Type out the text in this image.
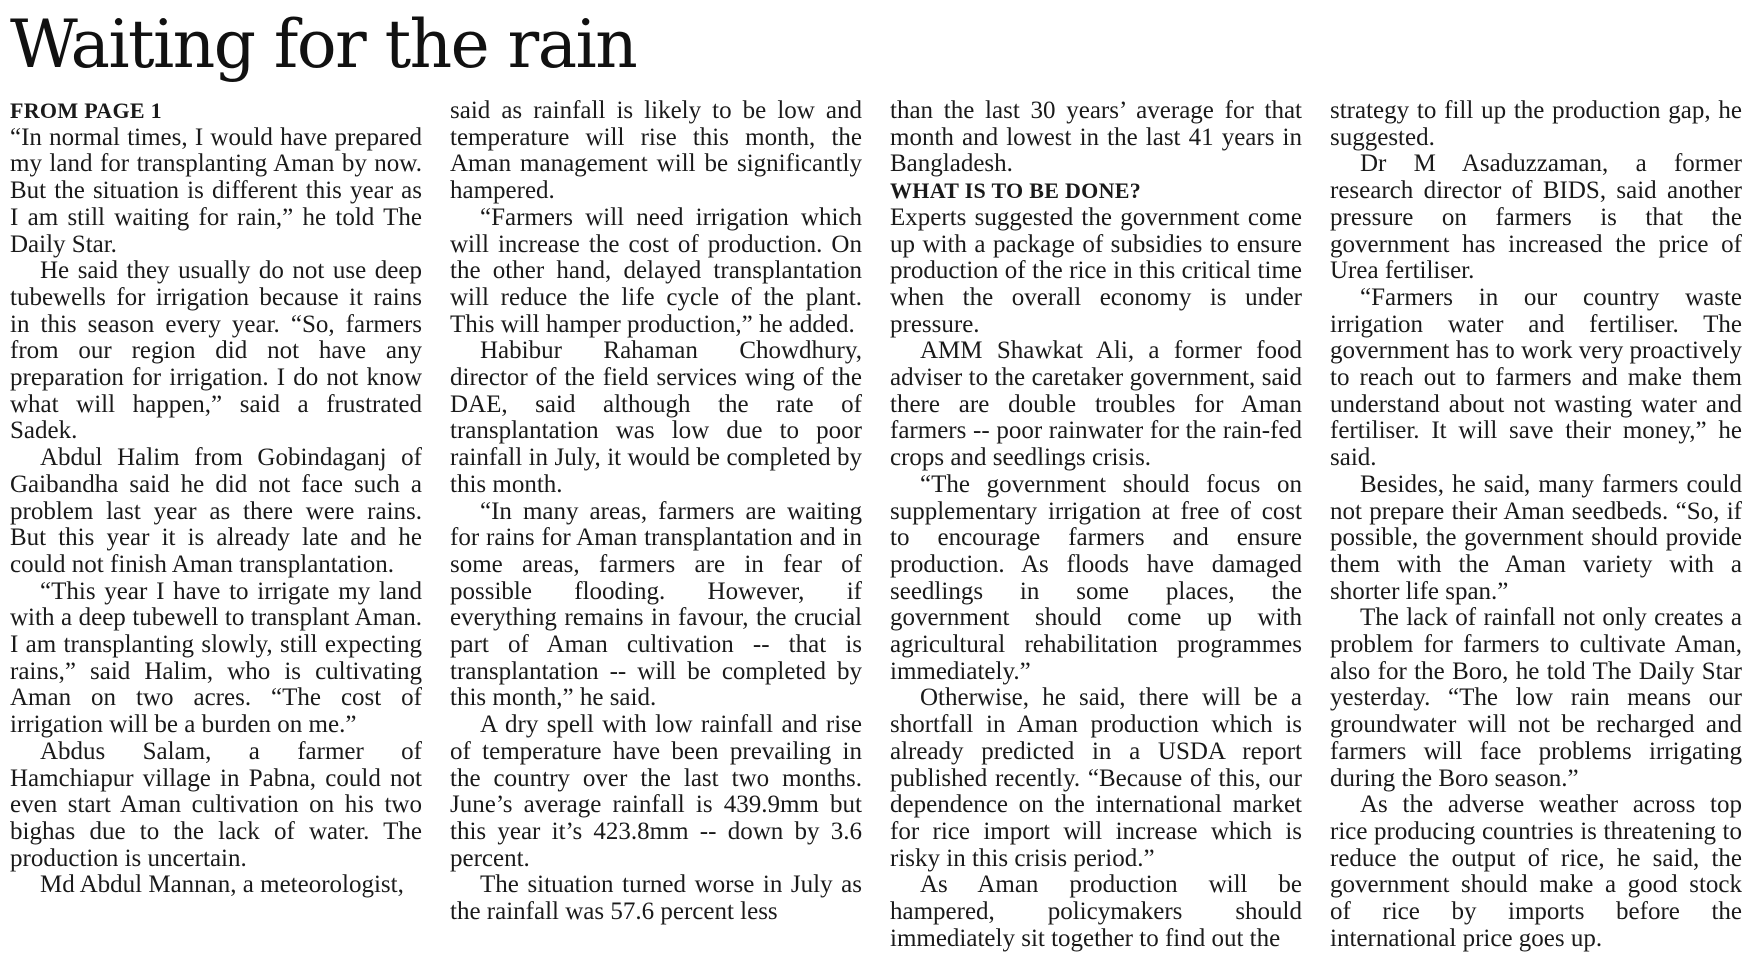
Waiting for the rain
FROM PAGE 1

“In normal times, I would have prepared my land for transplanting Aman by now. But the situation is different this year as I am still waiting for rain,” he told The Daily Star.

He said they usually do not use deep tubewells for irrigation because it rains in this season every year. “So, farmers from our region did not have any preparation for irrigation. I do not know what will happen,” said a frustrated Sadek.

Abdul Halim from Gobindaganj of Gaibandha said he did not face such a problem last year as there were rains. But this year it is already late and he could not finish Aman transplantation.

“This year I have to irrigate my land with a deep tubewell to transplant Aman. I am transplanting slowly, still expecting rains,” said Halim, who is cultivating Aman on two acres. “The cost of irrigation will be a burden on me.”

Abdus Salam, a farmer of Hamchiapur village in Pabna, could not even start Aman cultivation on his two bighas due to the lack of water. The production is uncertain.

Md Abdul Mannan, a meteorologist,

said as rainfall is likely to be low and temperature will rise this month, the Aman management will be significantly hampered.

“Farmers will need irrigation which will increase the cost of production. On the other hand, delayed transplantation will reduce the life cycle of the plant. This will hamper production,” he added.

Habibur Rahaman Chowdhury, director of the field services wing of the DAE, said although the rate of transplantation was low due to poor rainfall in July, it would be completed by this month.

“In many areas, farmers are waiting for rains for Aman transplantation and in some areas, farmers are in fear of possible flooding. However, if everything remains in favour, the crucial part of Aman cultivation -- that is transplantation -- will be completed by this month,” he said.

A dry spell with low rainfall and rise of temperature have been prevailing in the country over the last two months. June’s average rainfall is 439.9mm but this year it’s 423.8mm -- down by 3.6 percent.

The situation turned worse in July as the rainfall was 57.6 percent less

than the last 30 years’ average for that month and lowest in the last 41 years in Bangladesh.

WHAT IS TO BE DONE?

Experts suggested the government come up with a package of subsidies to ensure production of the rice in this critical time when the overall economy is under pressure.

AMM Shawkat Ali, a former food adviser to the caretaker government, said there are double troubles for Aman farmers -- poor rainwater for the rain-fed crops and seedlings crisis.

“The government should focus on supplementary irrigation at free of cost to encourage farmers and ensure production. As floods have damaged seedlings in some places, the government should come up with agricultural rehabilitation programmes immediately.”

Otherwise, he said, there will be a shortfall in Aman production which is already predicted in a USDA report published recently. “Because of this, our dependence on the international market for rice import will increase which is risky in this crisis period.”

As Aman production will be hampered, policymakers should immediately sit together to find out the

strategy to fill up the production gap, he suggested.

Dr M Asaduzzaman, a former research director of BIDS, said another pressure on farmers is that the government has increased the price of Urea fertiliser.

“Farmers in our country waste irrigation water and fertiliser. The government has to work very proactively to reach out to farmers and make them understand about not wasting water and fertiliser. It will save their money,” he said.

Besides, he said, many farmers could not prepare their Aman seedbeds. “So, if possible, the government should provide them with the Aman variety with a shorter life span.”

The lack of rainfall not only creates a problem for farmers to cultivate Aman, also for the Boro, he told The Daily Star yesterday. “The low rain means our groundwater will not be recharged and farmers will face problems irrigating during the Boro season.”

As the adverse weather across top rice producing countries is threatening to reduce the output of rice, he said, the government should make a good stock of rice by imports before the international price goes up.
